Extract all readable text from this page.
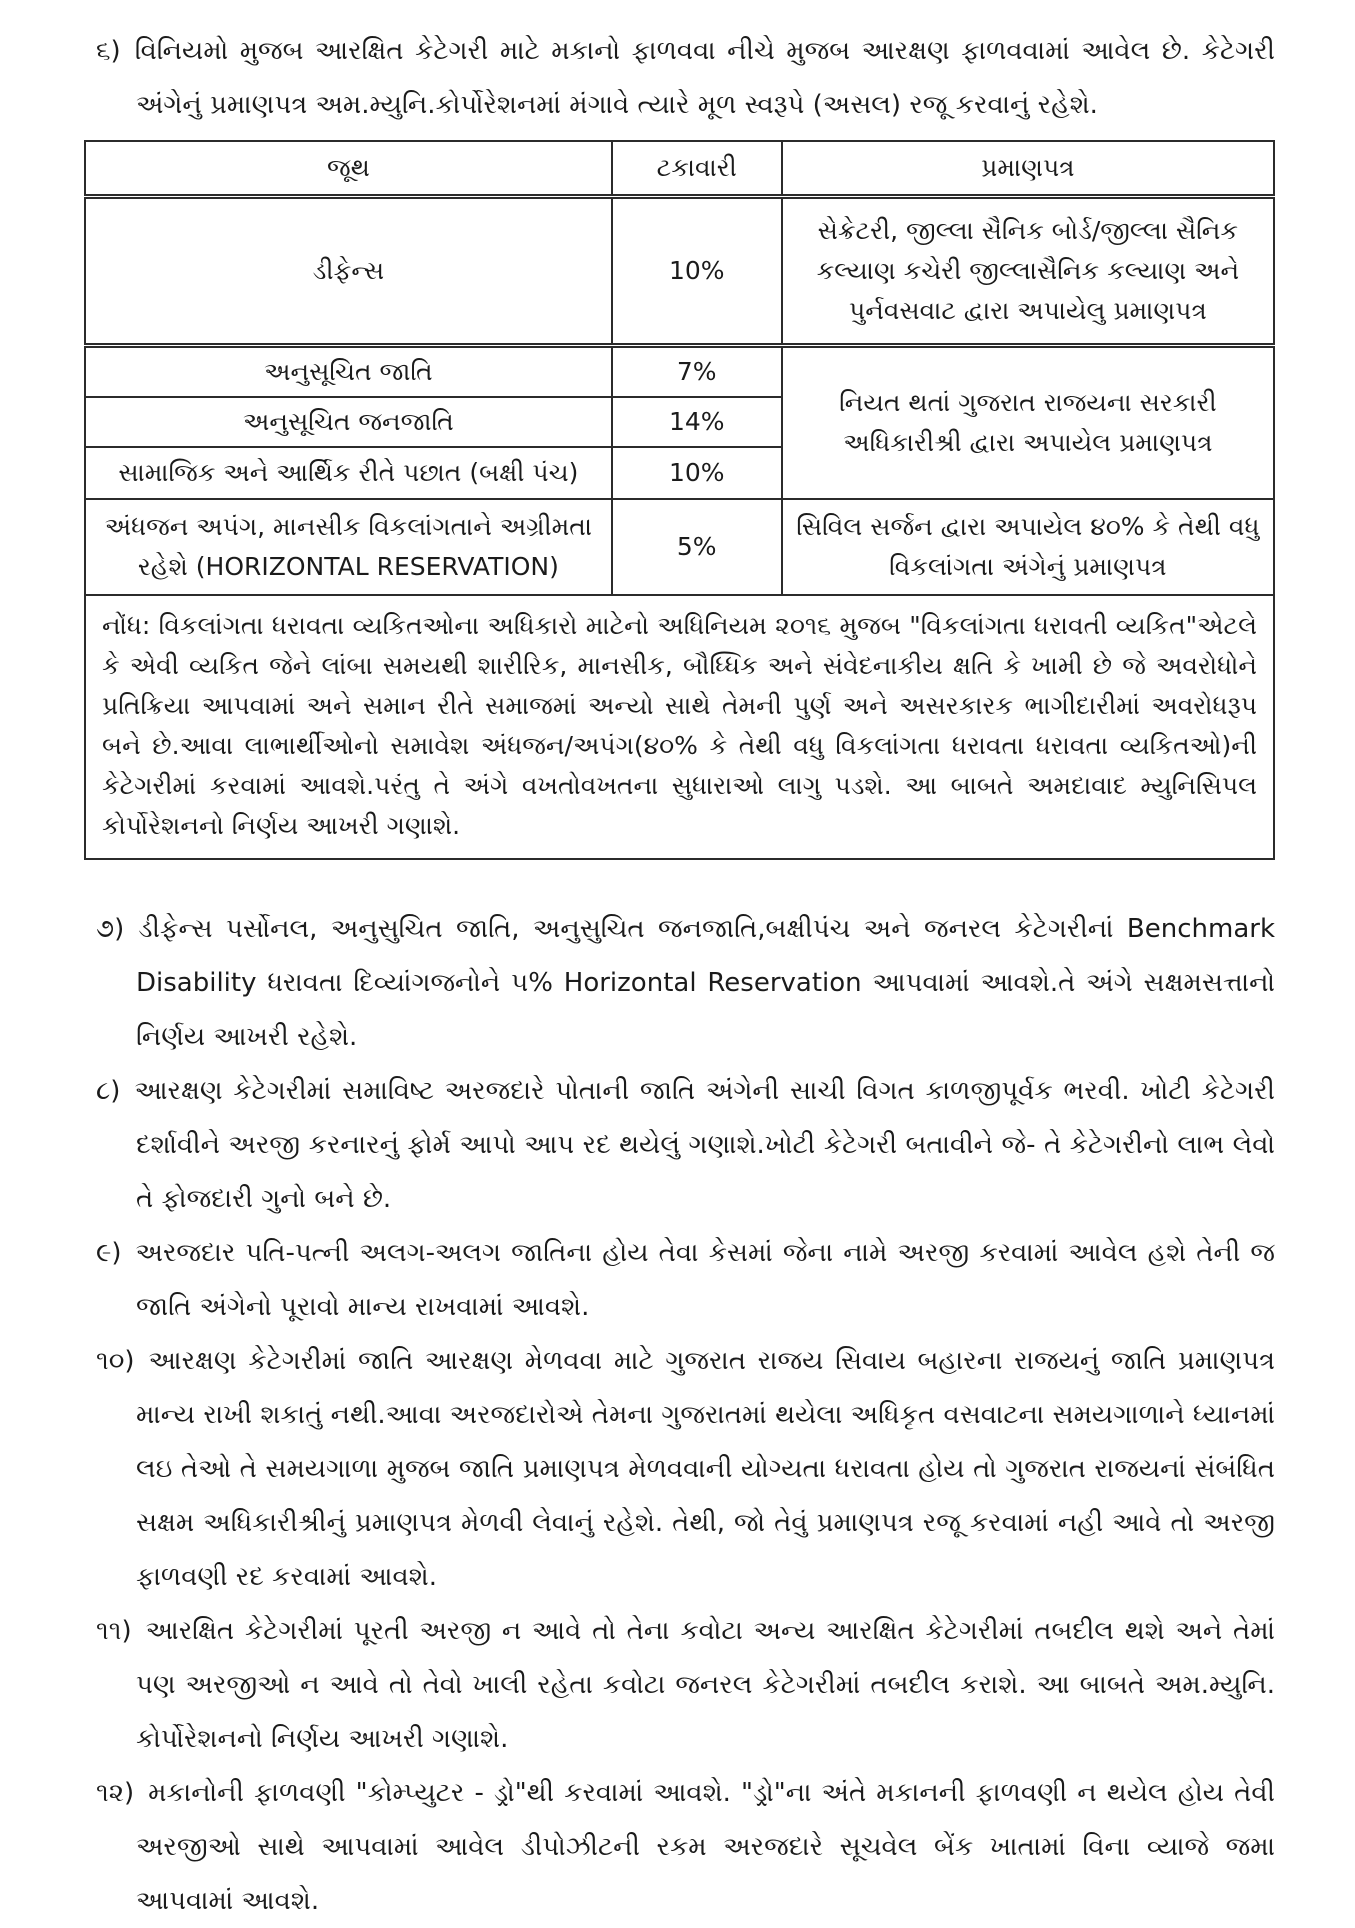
૬) વિનિયમો મુજબ આરક્ષિત કેટેગરી માટે મકાનો ફાળવવા નીચે મુજબ આરક્ષણ ફાળવવામાં આવેલ છે. કેટેગરી અંગેનું પ્રમાણપત્ર અમ.મ્યુનિ.કોર્પોરેશનમાં મંગાવે ત્યારે મૂળ સ્વરૂપે (અસલ) રજૂ કરવાનું રહેશે.
જૂથ	ટકાવારી	પ્રમાણપત્ર
ડીફેન્સ	10%	સેક્રેટરી, જીલ્લા સૈનિક બોર્ડ/જીલ્લા સૈનિક કલ્યાણ કચેરી જીલ્લાસૈનિક કલ્યાણ અને પુર્નવસવાટ દ્વારા અપાયેલુ પ્રમાણપત્ર
અનુસૂચિત જાતિ	7%	નિયત થતાં ગુજરાત રાજયના સરકારી અધિકારીશ્રી દ્વારા અપાયેલ પ્રમાણપત્ર
અનુસૂચિત જનજાતિ	14%	
સામાજિક અને આર્થિક રીતે પછાત (બક્ષી પંચ)	10%	
અંધજન અપંગ, માનસીક વિકલાંગતાને અગ્રીમતા રહેશે (HORIZONTAL RESERVATION)	5%	સિવિલ સર્જન દ્વારા અપાયેલ ૪૦% કે તેથી વધુ વિકલાંગતા અંગેનું પ્રમાણપત્ર
નોંધ: વિકલાંગતા ધરાવતા વ્યકિતઓના અધિકારો માટેનો અધિનિયમ ૨૦૧૬ મુજબ "વિકલાંગતા ધરાવતી વ્યકિત"એટલે કે એવી વ્યકિત જેને લાંબા સમયથી શારીરિક, માનસીક, બૌધ્ધિક અને સંવેદનાકીય ક્ષતિ કે ખામી છે જે અવરોધોને પ્રતિક્રિયા આપવામાં અને સમાન રીતે સમાજમાં અન્યો સાથે તેમની પુર્ણ અને અસરકારક ભાગીદારીમાં અવરોધરૂપ બને છે.આવા લાભાર્થીઓનો સમાવેશ અંધજન/અપંગ(૪૦% કે તેથી વધુ વિકલાંગતા ધરાવતા ધરાવતા વ્યકિતઓ)ની કેટેગરીમાં કરવામાં આવશે.પરંતુ તે અંગે વખતોવખતના સુધારાઓ લાગુ પડશે. આ બાબતે અમદાવાદ મ્યુનિસિપલ કોર્પોરેશનનો નિર્ણય આખરી ગણાશે.		
૭) ડીફેન્સ પર્સોનલ, અનુસુચિત જાતિ, અનુસુચિત જનજાતિ,બક્ષીપંચ અને જનરલ કેટેગરીનાં Benchmark Disability ધરાવતા દિવ્યાંગજનોને ૫% Horizontal Reservation આપવામાં આવશે.તે અંગે સક્ષમસત્તાનો નિર્ણય આખરી રહેશે.
૮) આરક્ષણ કેટેગરીમાં સમાવિષ્ટ અરજદારે પોતાની જાતિ અંગેની સાચી વિગત કાળજીપૂર્વક ભરવી. ખોટી કેટેગરી દર્શાવીને અરજી કરનારનું ફોર્મ આપો આપ રદ થયેલું ગણાશે.ખોટી કેટેગરી બતાવીને જે- તે કેટેગરીનો લાભ લેવો તે ફોજદારી ગુનો બને છે.
૯) અરજદાર પતિ-પત્ની અલગ-અલગ જાતિના હોય તેવા કેસમાં જેના નામે અરજી કરવામાં આવેલ હશે તેની જ જાતિ અંગેનો પૂરાવો માન્ય રાખવામાં આવશે.
૧૦) આરક્ષણ કેટેગરીમાં જાતિ આરક્ષણ મેળવવા માટે ગુજરાત રાજય સિવાય બહારના રાજયનું જાતિ પ્રમાણપત્ર માન્ય રાખી શકાતું નથી.આવા અરજદારોએ તેમના ગુજરાતમાં થયેલા અધિકૃત વસવાટના સમયગાળાને ધ્યાનમાં લઇ તેઓ તે સમયગાળા મુજબ જાતિ પ્રમાણપત્ર મેળવવાની યોગ્યતા ધરાવતા હોય તો ગુજરાત રાજયનાં સંબંધિત સક્ષમ અધિકારીશ્રીનું પ્રમાણપત્ર મેળવી લેવાનું રહેશે. તેથી, જો તેવું પ્રમાણપત્ર રજૂ કરવામાં નહી આવે તો અરજી ફાળવણી રદ કરવામાં આવશે.
૧૧) આરક્ષિત કેટેગરીમાં પૂરતી અરજી ન આવે તો તેના કવોટા અન્ય આરક્ષિત કેટેગરીમાં તબદીલ થશે અને તેમાં પણ અરજીઓ ન આવે તો તેવો ખાલી રહેતા કવોટા જનરલ કેટેગરીમાં તબદીલ કરાશે. આ બાબતે અમ.મ્યુનિ. કોર્પોરેશનનો નિર્ણય આખરી ગણાશે.
૧૨) મકાનોની ફાળવણી "કોમ્પ્યુટર - ડ્રો"થી કરવામાં આવશે. "ડ્રો"ના અંતે મકાનની ફાળવણી ન થયેલ હોય તેવી અરજીઓ સાથે આપવામાં આવેલ ડીપોઝીટની રકમ અરજદારે સૂચવેલ બેંક ખાતામાં વિના વ્યાજે જમા આપવામાં આવશે.
